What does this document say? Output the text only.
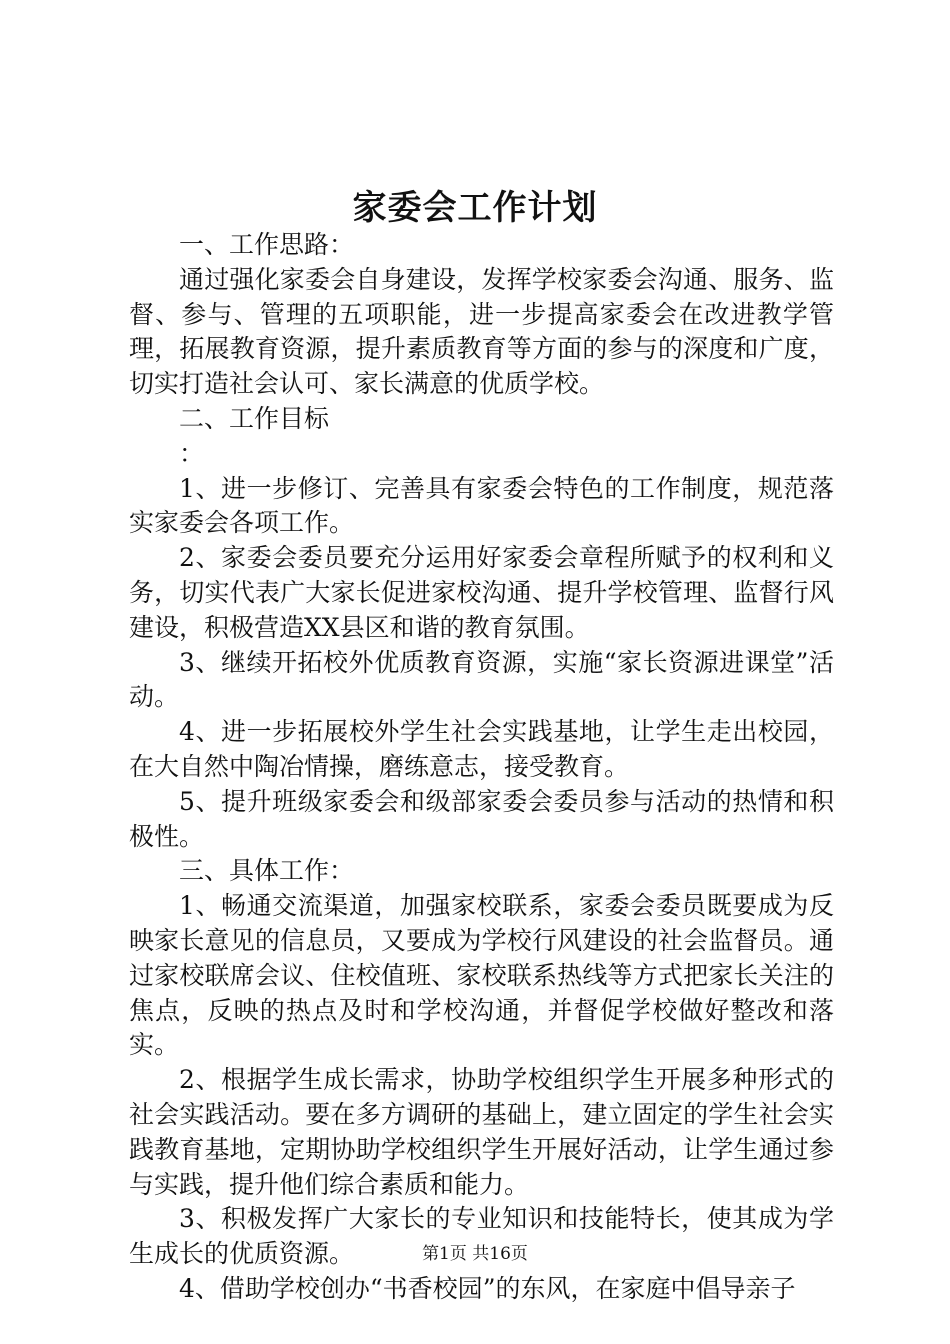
家委会工作计划

一、工作思路：

通过强化家委会自身建设，发挥学校家委会沟通、服务、监督、参与、管理的五项职能，进一步提高家委会在改进教学管理，拓展教育资源，提升素质教育等方面的参与的深度和广度，切实打造社会认可、家长满意的优质学校。

二、工作目标

：

1、进一步修订、完善具有家委会特色的工作制度，规范落实家委会各项工作。

2、家委会委员要充分运用好家委会章程所赋予的权利和义务，切实代表广大家长促进家校沟通、提升学校管理、监督行风建设，积极营造XX县区和谐的教育氛围。

3、继续开拓校外优质教育资源，实施“家长资源进课堂”活动。

4、进一步拓展校外学生社会实践基地，让学生走出校园，在大自然中陶冶情操，磨练意志，接受教育。

5、提升班级家委会和级部家委会委员参与活动的热情和积极性。

三、具体工作：

1、畅通交流渠道，加强家校联系，家委会委员既要成为反映家长意见的信息员，又要成为学校行风建设的社会监督员。通过家校联席会议、住校值班、家校联系热线等方式把家长关注的焦点，反映的热点及时和学校沟通，并督促学校做好整改和落实。

2、根据学生成长需求，协助学校组织学生开展多种形式的社会实践活动。要在多方调研的基础上，建立固定的学生社会实践教育基地，定期协助学校组织学生开展好活动，让学生通过参与实践，提升他们综合素质和能力。

3、积极发挥广大家长的专业知识和技能特长，使其成为学生成长的优质资源。

4、借助学校创办“书香校园”的东风，在家庭中倡导亲子

第1页 共16页
